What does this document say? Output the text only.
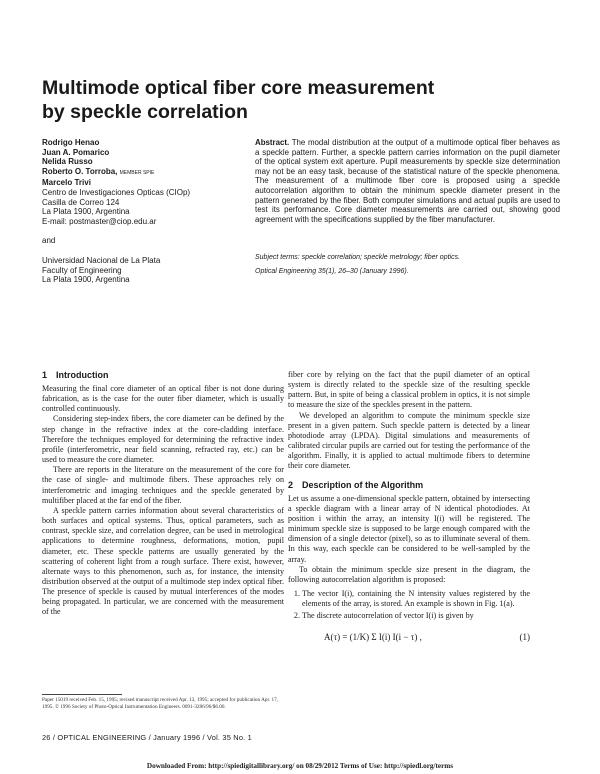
Multimode optical fiber core measurement by speckle correlation
Rodrigo Henao
Juan A. Pomarico
Nelida Russo
Roberto O. Torroba, MEMBER SPIE
Marcelo Trivi
Centro de Investigaciones Opticas (CIOp)
Casilla de Correo 124
La Plata 1900, Argentina
E-mail: postmaster@ciop.edu.ar
and
Universidad Nacional de La Plata
Faculty of Engineering
La Plata 1900, Argentina
Abstract. The modal distribution at the output of a multimode optical fiber behaves as a speckle pattern. Further, a speckle pattern carries information on the pupil diameter of the optical system exit aperture. Pupil measurements by speckle size determination may not be an easy task, because of the statistical nature of the speckle phenomena. The measurement of a multimode fiber core is proposed using a speckle autocorrelation algorithm to obtain the minimum speckle diameter present in the pattern generated by the fiber. Both computer simulations and actual pupils are used to test its performance. Core diameter measurements are carried out, showing good agreement with the specifications supplied by the fiber manufacturer.
Subject terms: speckle correlation; speckle metrology; fiber optics.
Optical Engineering 35(1), 26–30 (January 1996).
1 Introduction

Measuring the final core diameter of an optical fiber is not done during fabrication, as is the case for the outer fiber diameter, which is usually controlled continuously.

Considering step-index fibers, the core diameter can be defined by the step change in the refractive index at the core-cladding interface. Therefore the techniques employed for determining the refractive index profile (interferometric, near field scanning, refracted ray, etc.) can be used to measure the core diameter.

There are reports in the literature on the measurement of the core for the case of single- and multimode fibers. These approaches rely on interferometric and imaging techniques and the speckle generated by multifiber placed at the far end of the fiber.

A speckle pattern carries information about several characteristics of both surfaces and optical systems. Thus, optical parameters, such as contrast, speckle size, and correlation degree, can be used in metrological applications to determine roughness, deformations, motion, pupil diameter, etc. These speckle patterns are usually generated by the scattering of coherent light from a rough surface. There exist, however, alternate ways to this phenomenon, such as, for instance, the intensity distribution observed at the output of a multimode step index optical fiber. The presence of speckle is caused by mutual interferences of the modes being propagated. In particular, we are concerned with the measurement of the

fiber core by relying on the fact that the pupil diameter of an optical system is directly related to the speckle size of the resulting speckle pattern. But, in spite of being a classical problem in optics, it is not simple to measure the size of the speckles present in the pattern.

We developed an algorithm to compute the minimum speckle size present in a given pattern. Such speckle pattern is detected by a linear photodiode array (LPDA). Digital simulations and measurements of calibrated circular pupils are carried out for testing the performance of the algorithm. Finally, it is applied to actual multimode fibers to determine their core diameter.

2 Description of the Algorithm

Let us assume a one-dimensional speckle pattern, obtained by intersecting a speckle diagram with a linear array of N identical photodiodes. At position i within the array, an intensity I(i) will be registered. The minimum speckle size is supposed to be large enough compared with the dimension of a single detector (pixel), so as to illuminate several of them. In this way, each speckle can be considered to be well-sampled by the array.

To obtain the minimum speckle size present in the diagram, the following autocorrelation algorithm is proposed:

1. The vector I(i), containing the N intensity values registered by the elements of the array, is stored. An example is shown in Fig. 1(a).
2. The discrete autocorrelation of vector I(i) is given by
A(τ) = (1/K) Σ I(i) I(i − τ) ,	(1)
Paper 15019 received Feb. 15, 1995; revised manuscript received Apr. 13, 1995; accepted for publication Apr. 17, 1995. © 1996 Society of Photo-Optical Instrumentation Engineers. 0091-3286/96/$6.00.
26 / OPTICAL ENGINEERING / January 1996 / Vol. 35 No. 1
Downloaded From: http://spiedigitallibrary.org/ on 08/29/2012 Terms of Use: http://spiedl.org/terms
